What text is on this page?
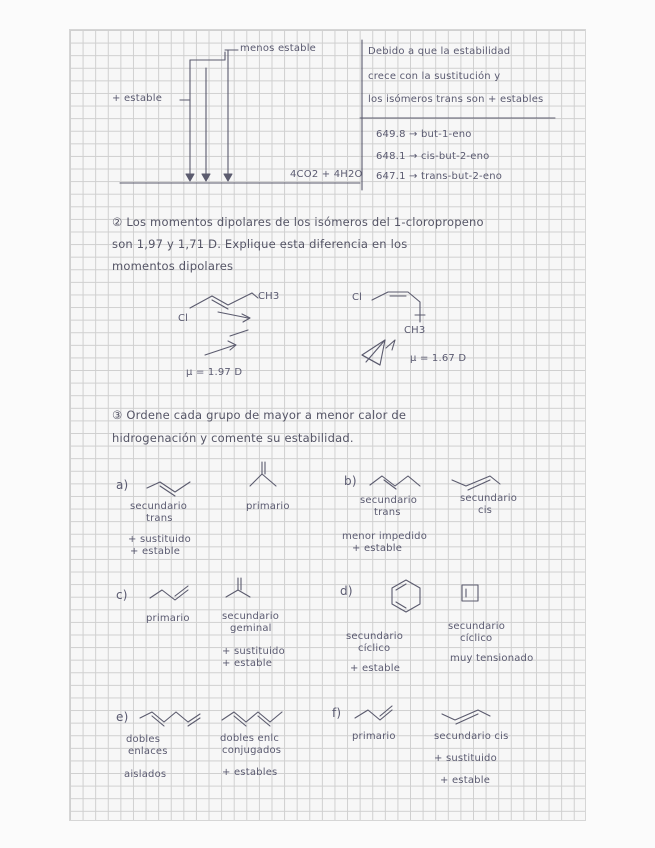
menos estable
+ estable
4CO2 + 4H2O
Debido a que la estabilidad
crece con la sustitución y
los isómeros trans son + estables
649.8 → but-1-eno
648.1 → cis-but-2-eno
647.1 → trans-but-2-eno
② Los momentos dipolares de los isómeros del 1-cloropropeno
son 1,97 y 1,71 D. Explique esta diferencia en los
momentos dipolares
Cl
CH3
μ = 1.97 D
Cl
CH3
μ = 1.67 D
③ Ordene cada grupo de mayor a menor calor de
hidrogenación y comente su estabilidad.
a)
secundario
trans
primario
+ sustituido
+ estable
b)
secundario
trans
secundario
cis
menor impedido
+ estable
c)
primario	secundario
geminal
+ sustituido
+ estable
d)
secundario
cíclico
+ estable
secundario
cíclico
muy tensionado
e)
dobles
enlaces
aislados
dobles enlc
conjugados
+ estables
f)
primario	secundario cis
+ sustituido
+ estable
